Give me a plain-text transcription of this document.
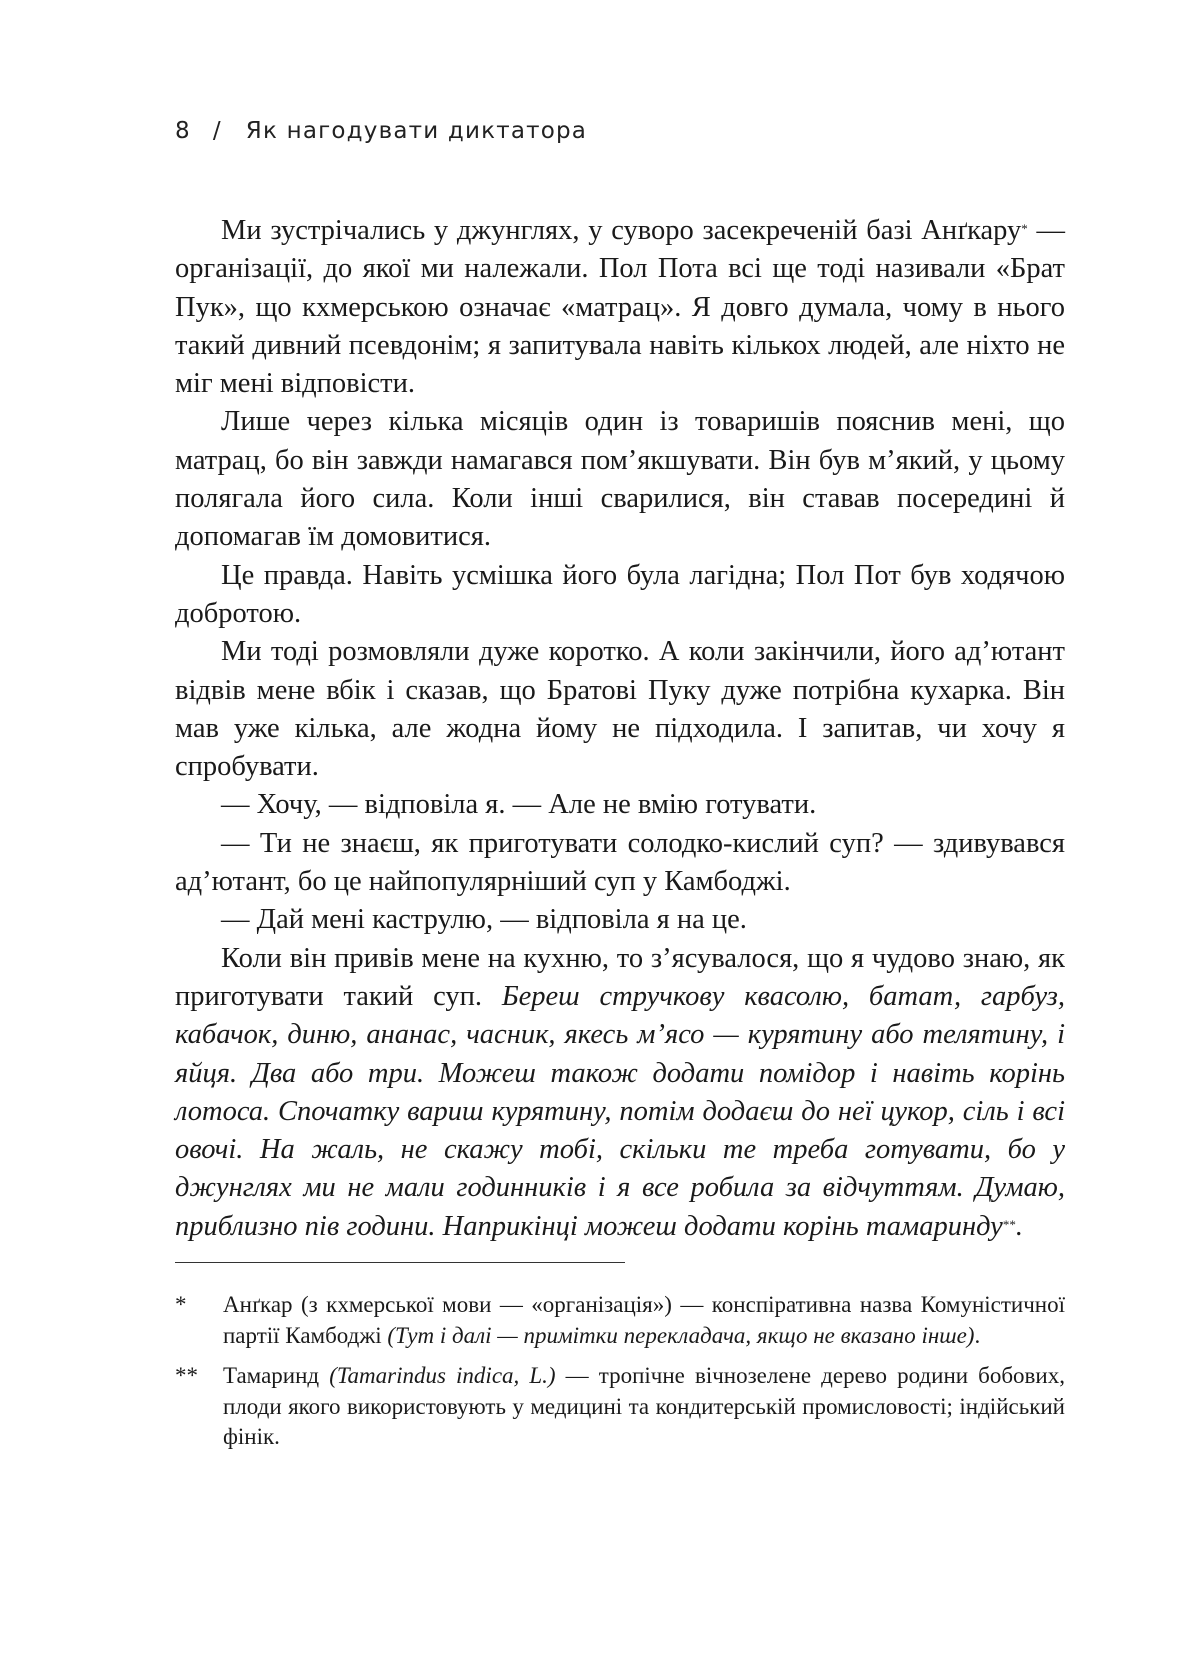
8 / Як нагодувати диктатора

Ми зустрічались у джунглях, у суворо засекреченій базі Анґкару* — організації, до якої ми належали. Пол Пота всі ще тоді називали «Брат Пук», що кхмерською означає «матрац». Я довго думала, чому в нього такий дивний псевдонім; я запитувала навіть кількох людей, але ніхто не міг мені відповісти.

Лише через кілька місяців один із товаришів пояснив мені, що матрац, бо він завжди намагався пом’якшувати. Він був м’який, у цьому полягала його сила. Коли інші сварилися, він ставав посередині й допомагав їм домовитися.

Це правда. Навіть усмішка його була лагідна; Пол Пот був ходячою добротою.

Ми тоді розмовляли дуже коротко. А коли закінчили, його ад’ютант відвів мене вбік і сказав, що Братові Пуку дуже потрібна кухарка. Він мав уже кілька, але жодна йому не підходила. І запитав, чи хочу я спробувати.

— Хочу, — відповіла я. — Але не вмію готувати.

— Ти не знаєш, як приготувати солодко-кислий суп? — здивувався ад’ютант, бо це найпопулярніший суп у Камбоджі.

— Дай мені каструлю, — відповіла я на це.

Коли він привів мене на кухню, то з’ясувалося, що я чудово знаю, як приготувати такий суп. Береш стручкову квасолю, батат, гарбуз, кабачок, диню, ананас, часник, якесь м’ясо — курятину або телятину, і яйця. Два або три. Можеш також додати помідор і навіть корінь лотоса. Спочатку вариш курятину, потім додаєш до неї цукор, сіль і всі овочі. На жаль, не скажу тобі, скільки те треба готувати, бо у джунглях ми не мали годинників і я все робила за відчуттям. Думаю, приблизно пів години. Наприкінці можеш додати корінь тамаринду**.

*	Анґкар (з кхмерської мови — «організація») — конспіративна назва Комуністичної партії Камбоджі (Тут і далі — примітки перекладача, якщо не вказано інше).
**	Тамаринд (Tamarindus indica, L.) — тропічне вічнозелене дерево родини бобових, плоди якого використовують у медицині та кондитерській промисловості; індійський фінік.
